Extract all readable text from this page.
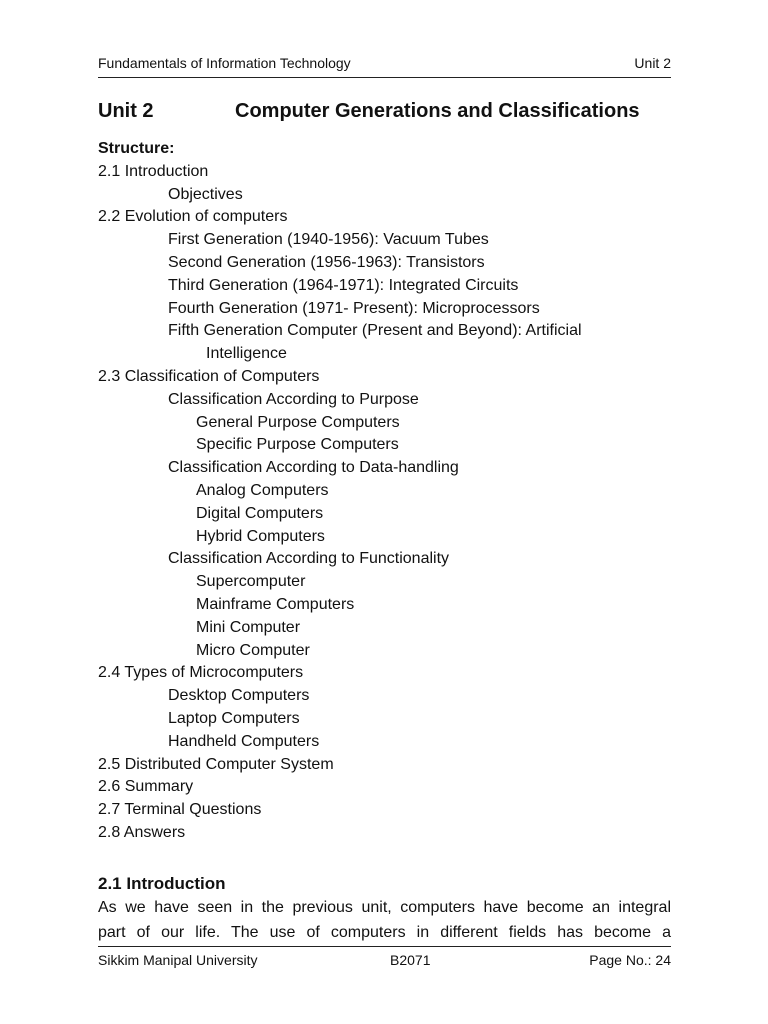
Fundamentals of Information Technology	Unit 2
Unit 2	Computer Generations and Classifications
Structure:
2.1 Introduction
Objectives
2.2 Evolution of computers
First Generation (1940-1956): Vacuum Tubes
Second Generation (1956-1963): Transistors
Third Generation (1964-1971): Integrated Circuits
Fourth Generation (1971- Present): Microprocessors
Fifth Generation Computer (Present and Beyond): Artificial
Intelligence
2.3 Classification of Computers
Classification According to Purpose
General Purpose Computers
Specific Purpose Computers
Classification According to Data-handling
Analog Computers
Digital Computers
Hybrid Computers
Classification According to Functionality
Supercomputer
Mainframe Computers
Mini Computer
Micro Computer
2.4 Types of Microcomputers
Desktop Computers
Laptop Computers
Handheld Computers
2.5 Distributed Computer System
2.6 Summary
2.7 Terminal Questions
2.8 Answers
2.1 Introduction
As we have seen in the previous unit, computers have become an integral
part of our life. The use of computers in different fields has become a
Sikkim Manipal University	B2071	Page No.: 24
